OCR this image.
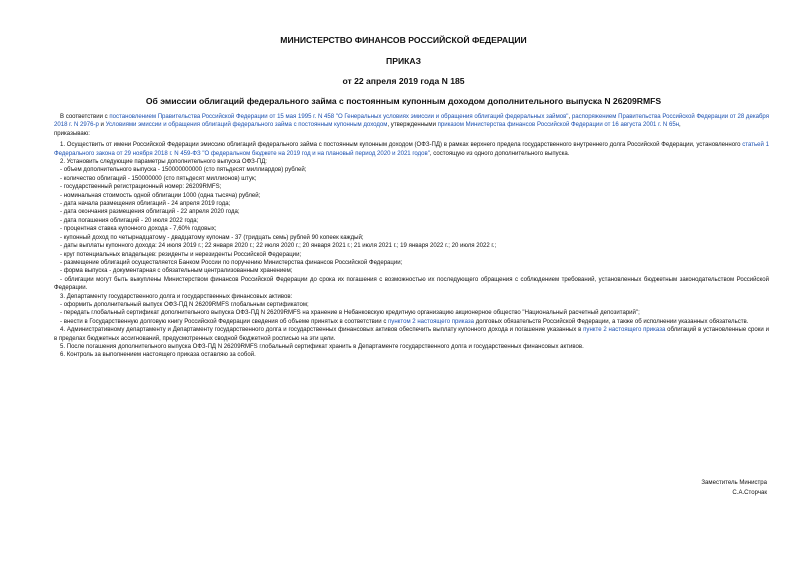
МИНИСТЕРСТВО ФИНАНСОВ РОССИЙСКОЙ ФЕДЕРАЦИИ
ПРИКАЗ
от 22 апреля 2019 года N 185
Об эмиссии облигаций федерального займа с постоянным купонным доходом дополнительного выпуска N 26209RMFS

В соответствии с постановлением Правительства Российской Федерации от 15 мая 1995 г. N 458 "О Генеральных условиях эмиссии и обращения облигаций федеральных займов", распоряжением Правительства Российской Федерации от 28 декабря 2018 г. N 2976-р и Условиями эмиссии и обращения облигаций федерального займа с постоянным купонным доходом, утвержденными приказом Министерства финансов Российской Федерации от 16 августа 2001 г. N 65н,

приказываю:

1. Осуществить от имени Российской Федерации эмиссию облигаций федерального займа с постоянным купонным доходом (ОФЗ-ПД) в рамках верхнего предела государственного внутреннего долга Российской Федерации, установленного статьей 1 Федерального закона от 29 ноября 2018 г. N 459-ФЗ "О федеральном бюджете на 2019 год и на плановый период 2020 и 2021 годов", состоящую из одного дополнительного выпуска.

2. Установить следующие параметры дополнительного выпуска ОФЗ-ПД:

- объем дополнительного выпуска - 150000000000 (сто пятьдесят миллиардов) рублей;

- количество облигаций - 150000000 (сто пятьдесят миллионов) штук;

- государственный регистрационный номер: 26209RMFS;

- номинальная стоимость одной облигации 1000 (одна тысяча) рублей;

- дата начала размещения облигаций - 24 апреля 2019 года;

- дата окончания размещения облигаций - 22 апреля 2020 года;

- дата погашения облигаций - 20 июля 2022 года;

- процентная ставка купонного дохода - 7,60% годовых;

- купонный доход по четырнадцатому - двадцатому купонам - 37 (тридцать семь) рублей 90 копеек каждый;

- даты выплаты купонного дохода: 24 июля 2019 г.; 22 января 2020 г.; 22 июля 2020 г.; 20 января 2021 г.; 21 июля 2021 г.; 19 января 2022 г.; 20 июля 2022 г.;

- круг потенциальных владельцев: резиденты и нерезиденты Российской Федерации;

- размещение облигаций осуществляется Банком России по поручению Министерства финансов Российской Федерации;

- форма выпуска - документарная с обязательным централизованным хранением;

- облигации могут быть выкуплены Министерством финансов Российской Федерации до срока их погашения с возможностью их последующего обращения с соблюдением требований, установленных бюджетным законодательством Российской Федерации.

3. Департаменту государственного долга и государственных финансовых активов:

- оформить дополнительный выпуск ОФЗ-ПД N 26209RMFS глобальным сертификатом;

- передать глобальный сертификат дополнительного выпуска ОФЗ-ПД N 26209RMFS на хранение в Небанковскую кредитную организацию акционерное общество "Национальный расчетный депозитарий";

- внести в Государственную долговую книгу Российской Федерации сведения об объеме принятых в соответствии с пунктом 2 настоящего приказа долговых обязательств Российской Федерации, а также об исполнении указанных обязательств.

4. Административному департаменту и Департаменту государственного долга и государственных финансовых активов обеспечить выплату купонного дохода и погашение указанных в пункте 2 настоящего приказа облигаций в установленные сроки и в пределах бюджетных ассигнований, предусмотренных сводной бюджетной росписью на эти цели.

5. После погашения дополнительного выпуска ОФЗ-ПД N 26209RMFS глобальный сертификат хранить в Департаменте государственного долга и государственных финансовых активов.

6. Контроль за выполнением настоящего приказа оставляю за собой.

Заместитель Министра
С.А.Сторчак
